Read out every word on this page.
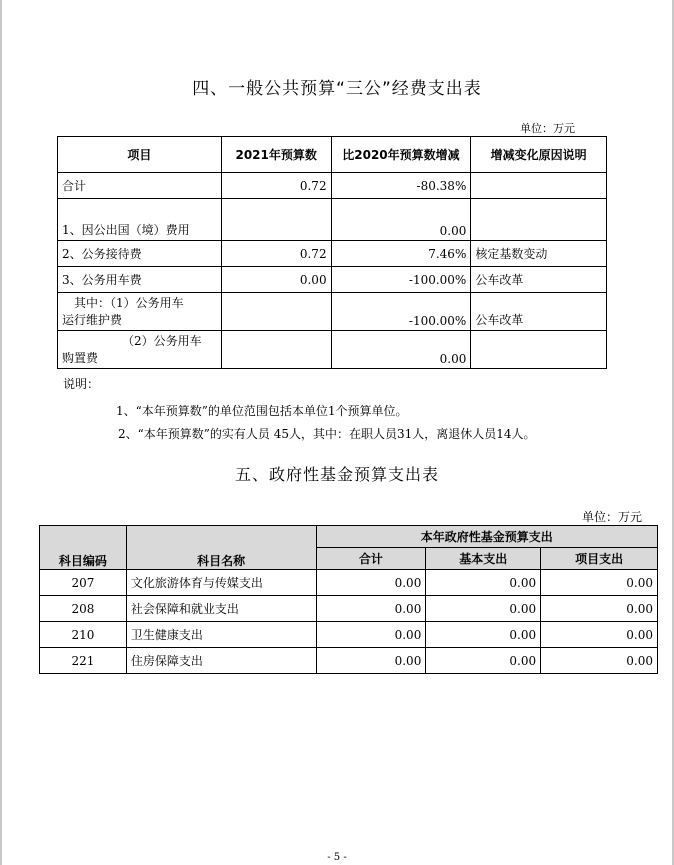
四、一般公共预算“三公”经费支出表
单位：万元
项目	2021年预算数	比2020年预算数增减	增减变化原因说明
合计	0.72	-80.38%	
1、因公出国（境）费用		0.00	
2、公务接待费	0.72	7.46%	核定基数变动
3、公务用车费	0.00	-100.00%	公车改革

其中：（1）公务用车
运行维护费		-100.00%	公车改革

（2）公务用车
购置费		0.00	
说明：
1、“本年预算数”的单位范围包括本单位1个预算单位。
2、“本年预算数”的实有人员 45人，其中：在职人员31人，离退休人员14人。
五、政府性基金预算支出表
单位：万元
科目编码	科目名称	本年政府性基金预算支出		
		合计	基本支出	项目支出
207	文化旅游体育与传媒支出	0.00	0.00	0.00
208	社会保障和就业支出	0.00	0.00	0.00
210	卫生健康支出	0.00	0.00	0.00
221	住房保障支出	0.00	0.00	0.00
- 5 -
